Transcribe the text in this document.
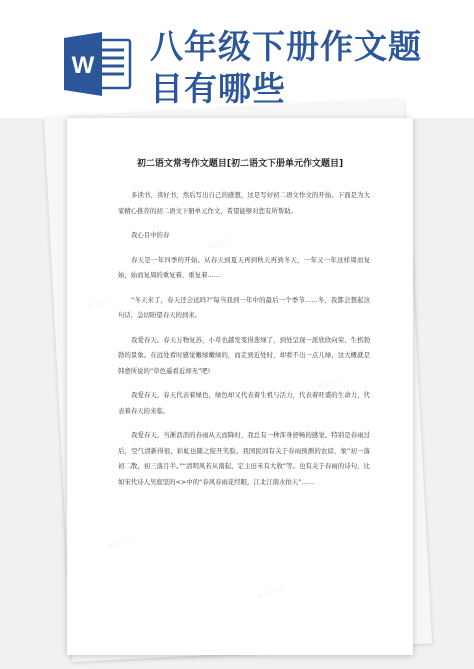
W 八年级下册作文题
目有哪些
熊猫办公
熊猫办公
熊猫办公
熊猫办公
熊猫办公
初二语文常考作文题目[初二语文下册单元作文题目]

多读书、读好书，然后写出自己的感想，这是写好初二语文作文的开始。下面是为大家精心推荐的初二语文下册单元作文，希望能够对您有所帮助。

我心目中的春

春天是一年四季的开始。从春天到夏天再到秋天再到冬天，一年又一年这样周而复始，始而复周的重复着，重复着……

“冬天来了，春天还会远吗?”每当我到一年中的最后一个季节……冬，我都会想起这句话，急切盼望春天的到来。

我爱春天。春天万物复苏，小草也越发变得葱绿了，到处呈现一派欣欣向荣、生机勃勃的景象。在远处看时感觉嫩绿嫩绿的，而走到近处时，却看不出一点儿绿，这大概就是韩愈所说的“草色遥看近却无”吧!

我爱春天。春天代表着绿色，绿色却又代表着生机与活力，代表着旺盛的生命力，代表着春天的来临。

我爱春天。当淅沥沥的春雨从天而降时，我总有一种浑身舒畅的感觉。特别是春雨过后，空气清新得很，彩虹也随之绽开笑脸。我国民间有关于春雨预测的农谚，象“初一落初二散，初三落月半。”“清明风若从南起，定主田禾有大收”等。也有关于春雨的诗句，比如宋代诗人吴庭坚的<>中的“春风春雨花经眼，江北江南水拍天”……
